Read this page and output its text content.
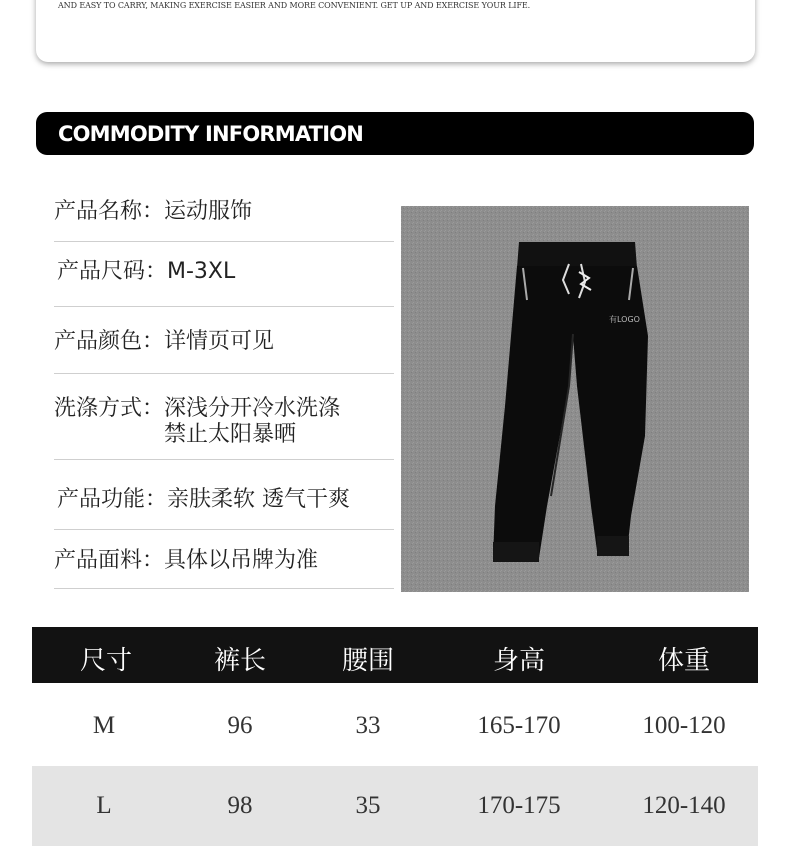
AND EASY TO CARRY, MAKING EXERCISE EASIER AND MORE CONVENIENT. GET UP AND EXERCISE YOUR LIFE.
COMMODITY INFORMATION
产品名称：运动服饰
产品尺码：M-3XL
产品颜色：详情页可见
洗涤方式：深浅分开冷水洗涤
禁止太阳暴晒
产品功能：亲肤柔软 透气干爽
产品面料：具体以吊牌为准
有LOGO
尺寸	裤长	腰围	身高	体重
M	96	33	165-170	100-120
L	98	35	170-175	120-140
